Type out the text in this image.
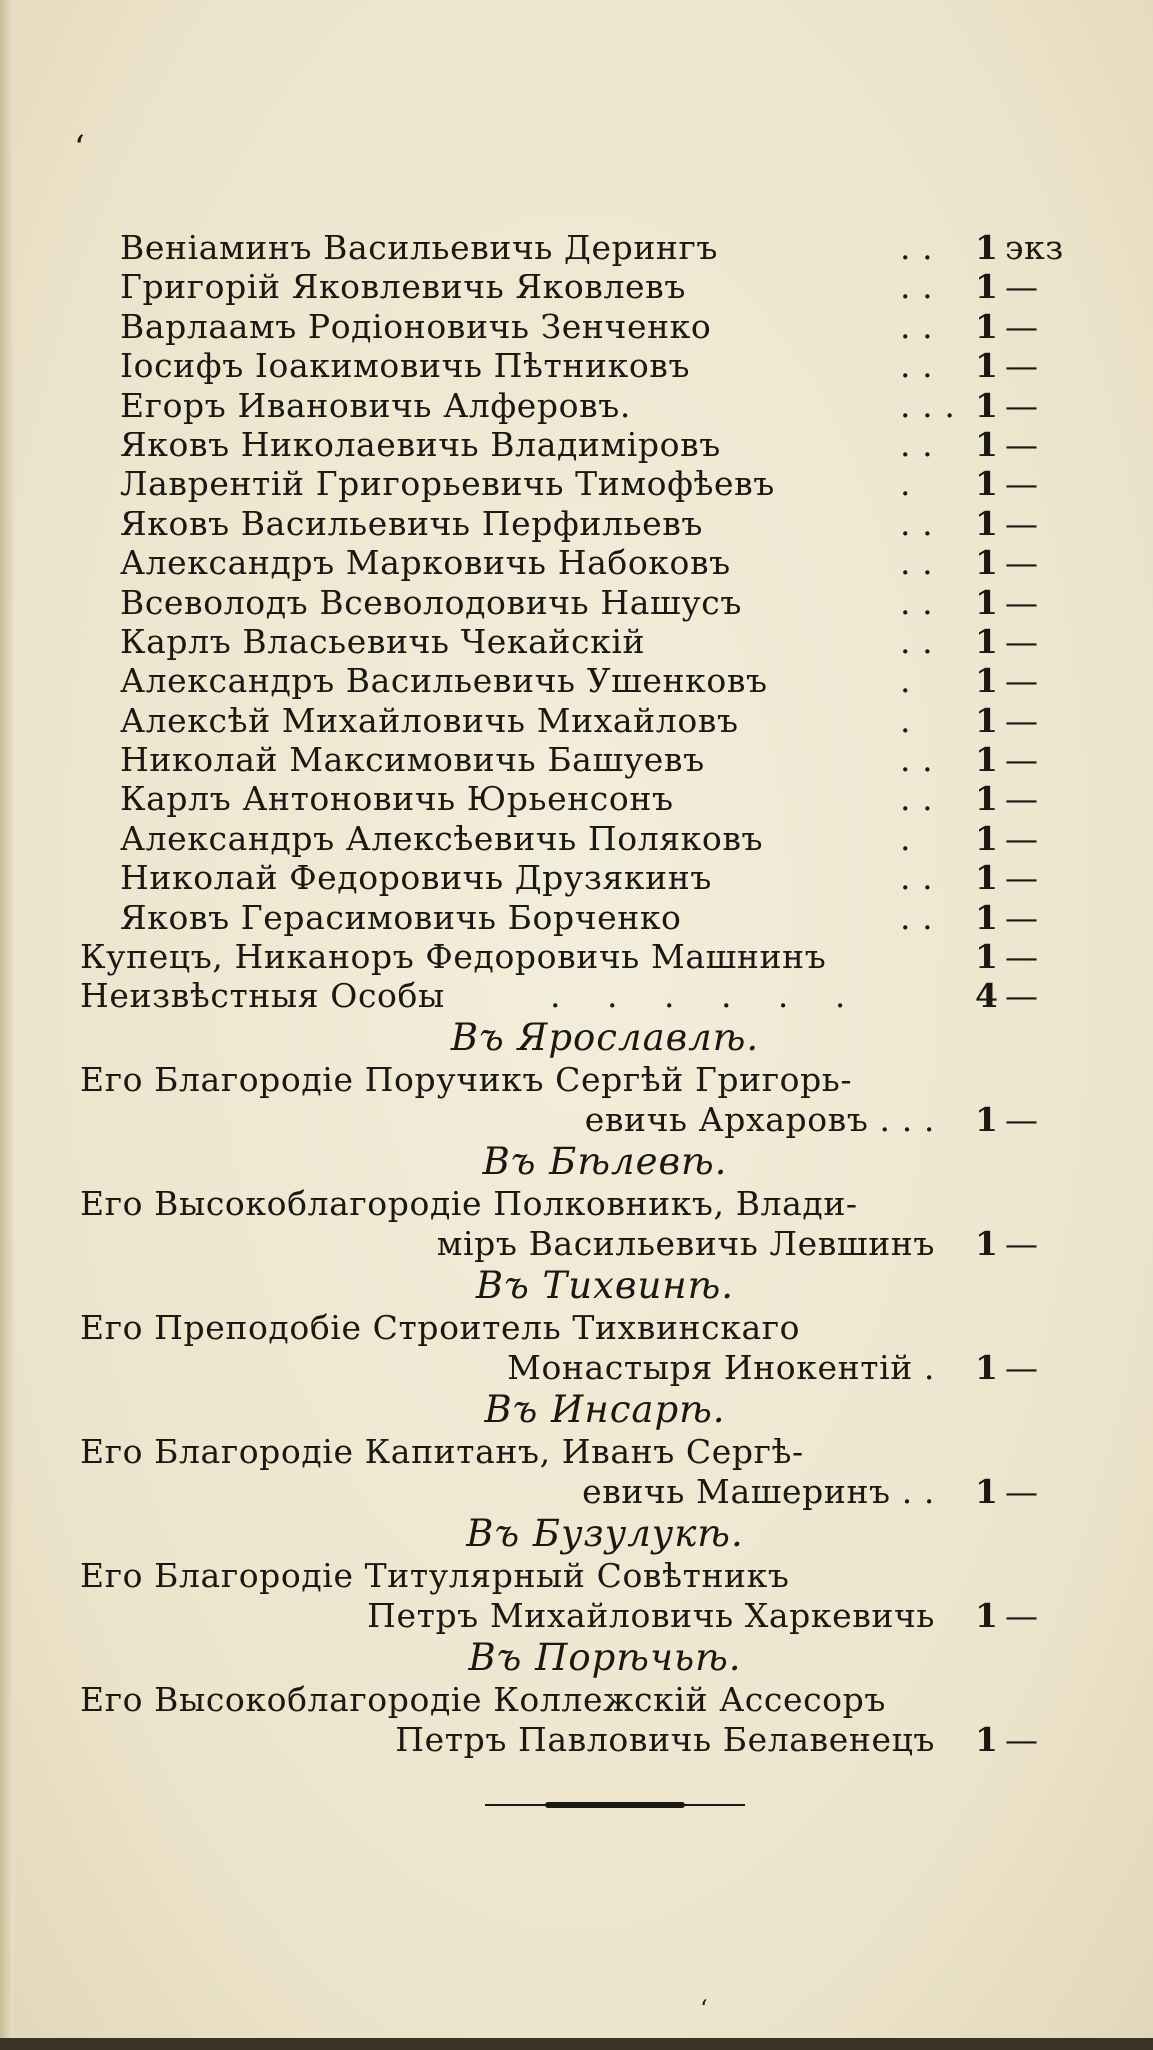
ʻ
Веніаминъ Васильевичь Дерингъ	. . 1 экз
Григорій Яковлевичь Яковлевъ	. . 1 —
Варлаамъ Родіоновичь Зенченко	. . 1 —
Іосифъ Іоакимовичь Пѣтниковъ	. . 1 —
Егоръ Ивановичь Алферовъ.	. . . 1 —
Яковъ Николаевичь Владиміровъ	. . 1 —
Лаврентій Григорьевичь Тимофѣевъ	. 1 —
Яковъ Васильевичь Перфильевъ	. . 1 —
Александръ Марковичь Набоковъ	. . 1 —
Всеволодъ Всеволодовичь Нашусъ	. . 1 —
Карлъ Власьевичь Чекайскій	. . 1 —
Александръ Васильевичь Ушенковъ	. 1 —
Алексѣй Михайловичь Михайловъ	. 1 —
Николай Максимовичь Башуевъ	. . 1 —
Карлъ Антоновичь Юрьенсонъ	. . 1 —
Александръ Алексѣевичь Поляковъ	. 1 —
Николай Федоровичь Друзякинъ	. . 1 —
Яковъ Герасимовичь Борченко	. . 1 —
Купецъ, Никаноръ Федоровичь Машнинъ	1 —
Неизвѣстныя Особы	. . . . . .	4 —
Въ Ярославлѣ.
Его Благородіе Поручикъ Сергѣй Григорь-
евичь Архаровъ . . . 1 —
Въ Бѣлевѣ.
Его Высокоблагородіе Полковникъ, Влади-
міръ Васильевичь Левшинъ 1 —
Въ Тихвинѣ.
Его Преподобіе Строитель Тихвинскаго
Монастыря Инокентій . 1 —
Въ Инсарѣ.
Его Благородіе Капитанъ, Иванъ Сергѣ-
евичь Машеринъ . . 1 —
Въ Бузулукѣ.
Его Благородіе Титулярный Совѣтникъ
Петръ Михайловичь Харкевичь 1 —
Въ Порѣчьѣ.
Его Высокоблагородіе Коллежскій Ассесоръ
Петръ Павловичь Белавенецъ 1 —
ʻ
